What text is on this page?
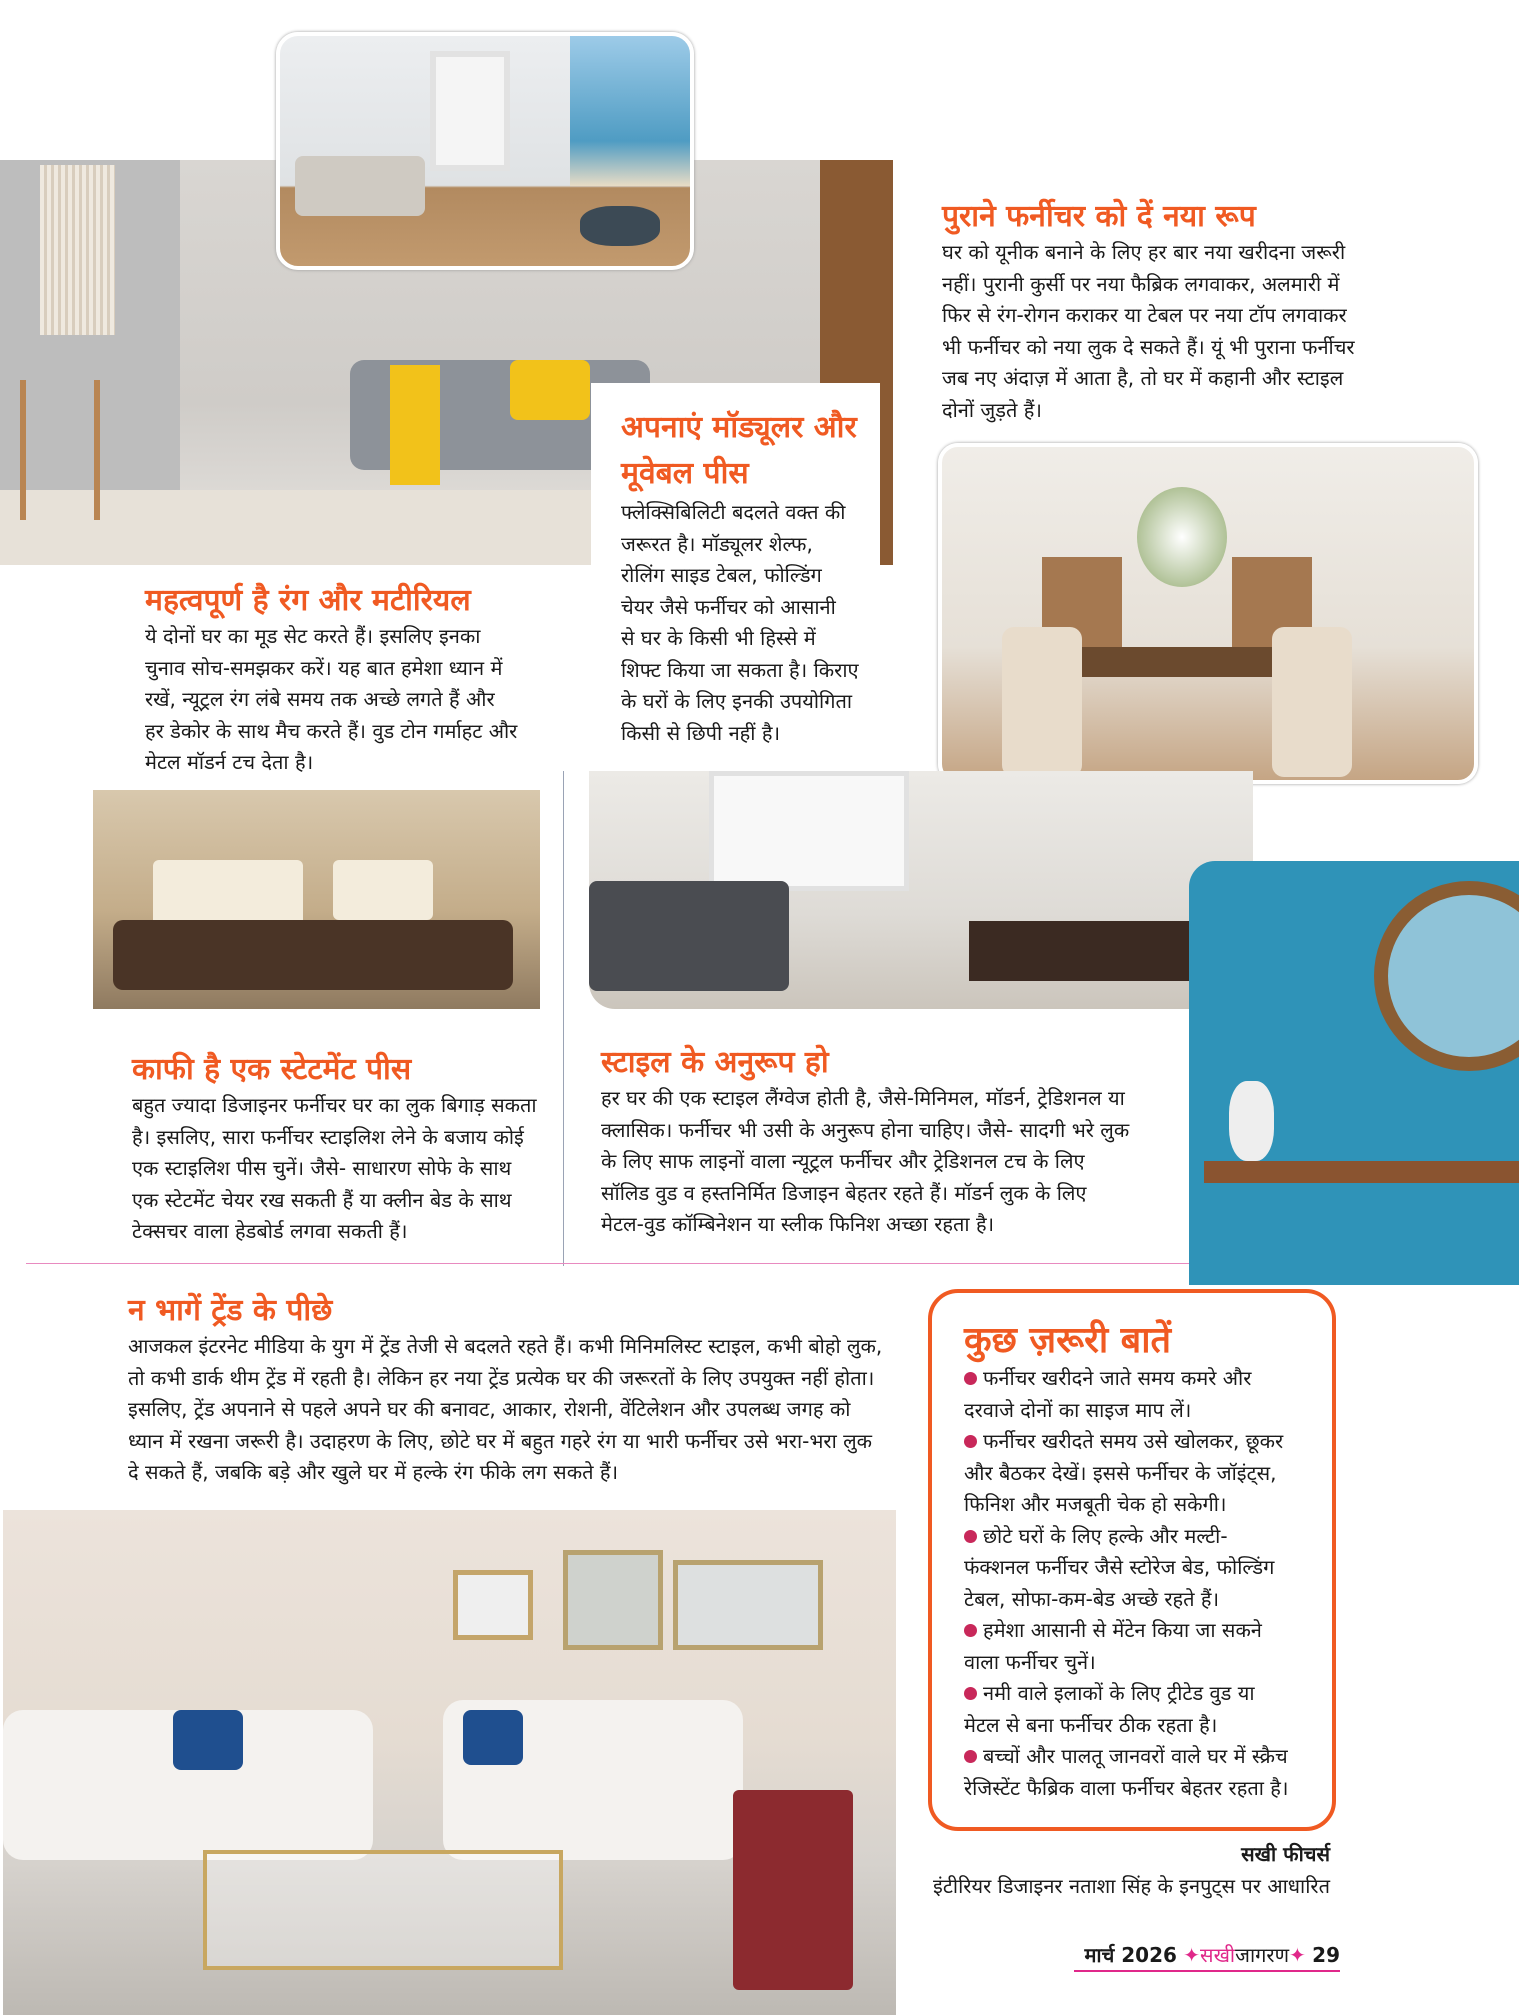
पुराने फर्नीचर को दें नया रूप
घर को यूनीक बनाने के लिए हर बार नया खरीदना जरूरी
नहीं। पुरानी कुर्सी पर नया फैब्रिक लगवाकर, अलमारी में
फिर से रंग-रोगन कराकर या टेबल पर नया टॉप लगवाकर
भी फर्नीचर को नया लुक दे सकते हैं। यूं भी पुराना फर्नीचर
जब नए अंदाज़ में आता है, तो घर में कहानी और स्टाइल
दोनों जुड़ते हैं।
अपनाएं मॉड्यूलर और
मूवेबल पीस
फ्लेक्सिबिलिटी बदलते वक्त की
जरूरत है। मॉड्यूलर शेल्फ,
रोलिंग साइड टेबल, फोल्डिंग
चेयर जैसे फर्नीचर को आसानी
से घर के किसी भी हिस्से में
शिफ्ट किया जा सकता है। किराए
के घरों के लिए इनकी उपयोगिता
किसी से छिपी नहीं है।
महत्वपूर्ण है रंग और मटीरियल
ये दोनों घर का मूड सेट करते हैं। इसलिए इनका
चुनाव सोच-समझकर करें। यह बात हमेशा ध्यान में
रखें, न्यूट्रल रंग लंबे समय तक अच्छे लगते हैं और
हर डेकोर के साथ मैच करते हैं। वुड टोन गर्माहट और
मेटल मॉडर्न टच देता है।
काफी है एक स्टेटमेंट पीस
बहुत ज्यादा डिजाइनर फर्नीचर घर का लुक बिगाड़ सकता
है। इसलिए, सारा फर्नीचर स्टाइलिश लेने के बजाय कोई
एक स्टाइलिश पीस चुनें। जैसे- साधारण सोफे के साथ
एक स्टेटमेंट चेयर रख सकती हैं या क्लीन बेड के साथ
टेक्सचर वाला हेडबोर्ड लगवा सकती हैं।
स्टाइल के अनुरूप हो
हर घर की एक स्टाइल लैंग्वेज होती है, जैसे-मिनिमल, मॉडर्न, ट्रेडिशनल या
क्लासिक। फर्नीचर भी उसी के अनुरूप होना चाहिए। जैसे- सादगी भरे लुक
के लिए साफ लाइनों वाला न्यूट्रल फर्नीचर और ट्रेडिशनल टच के लिए
सॉलिड वुड व हस्तनिर्मित डिजाइन बेहतर रहते हैं। मॉडर्न लुक के लिए
मेटल-वुड कॉम्बिनेशन या स्लीक फिनिश अच्छा रहता है।
न भागें ट्रेंड के पीछे
आजकल इंटरनेट मीडिया के युग में ट्रेंड तेजी से बदलते रहते हैं। कभी मिनिमलिस्ट स्टाइल, कभी बोहो लुक,
तो कभी डार्क थीम ट्रेंड में रहती है। लेकिन हर नया ट्रेंड प्रत्येक घर की जरूरतों के लिए उपयुक्त नहीं होता।
इसलिए, ट्रेंड अपनाने से पहले अपने घर की बनावट, आकार, रोशनी, वेंटिलेशन और उपलब्ध जगह को
ध्यान में रखना जरूरी है। उदाहरण के लिए, छोटे घर में बहुत गहरे रंग या भारी फर्नीचर उसे भरा-भरा लुक
दे सकते हैं, जबकि बड़े और खुले घर में हल्के रंग फीके लग सकते हैं।
कुछ ज़रूरी बातें
फर्नीचर खरीदने जाते समय कमरे और
दरवाजे दोनों का साइज माप लें।
फर्नीचर खरीदते समय उसे खोलकर, छूकर
और बैठकर देखें। इससे फर्नीचर के जॉइंट्स,
फिनिश और मजबूती चेक हो सकेगी।
छोटे घरों के लिए हल्के और मल्टी-
फंक्शनल फर्नीचर जैसे स्टोरेज बेड, फोल्डिंग
टेबल, सोफा-कम-बेड अच्छे रहते हैं।
हमेशा आसानी से मेंटेन किया जा सकने
वाला फर्नीचर चुनें।
नमी वाले इलाकों के लिए ट्रीटेड वुड या
मेटल से बना फर्नीचर ठीक रहता है।
बच्चों और पालतू जानवरों वाले घर में स्क्रैच
रेजिस्टेंट फैब्रिक वाला फर्नीचर बेहतर रहता है।
सखी फीचर्स
इंटीरियर डिजाइनर नताशा सिंह के इनपुट्स पर आधारित
मार्च 2026 ✦सखीजागरण✦ 29
